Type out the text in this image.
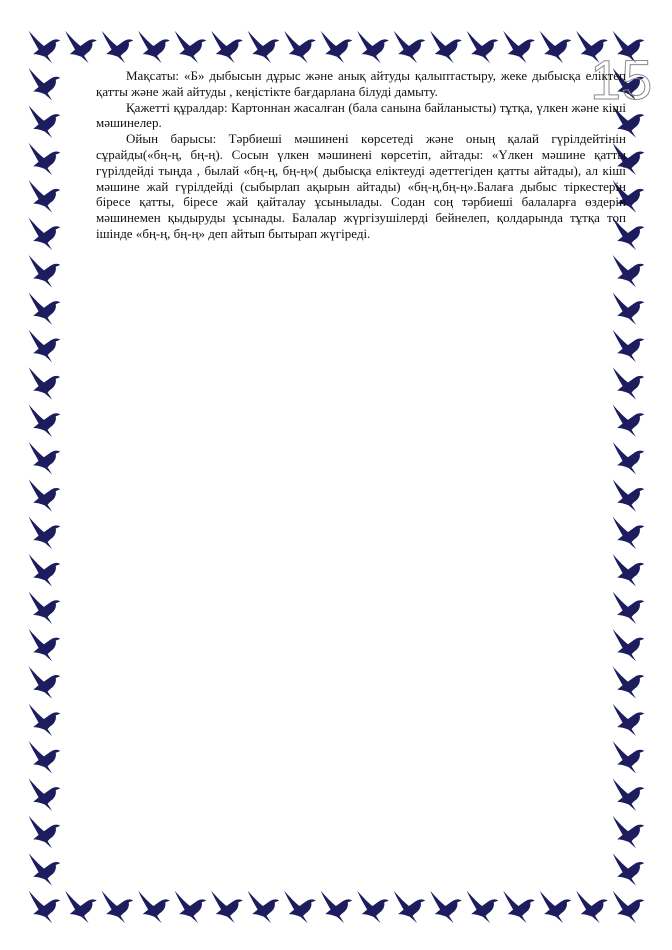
15

Мақсаты: «Б» дыбысын дұрыс және анық айтуды қалыптастыру, жеке дыбысқа еліктеп қатты және жай айтуды , кеңістікте бағдарлана білуді дамыту.

Қажетті құралдар: Картоннан жасалған (бала санына байланысты) тұтқа, үлкен және кіші мәшинелер.

Ойын барысы: Тәрбиеші мәшинені көрсетеді және оның қалай гүрілдейтінін сұрайды(«бң-ң, бң-ң). Сосын үлкен мәшинені көрсетіп, айтады: «Үлкен мәшине қатты гүрілдейді тыңда , былай «бң-ң, бң-ң»( дыбысқа еліктеуді әдеттегіден қатты айтады), ал кіші мәшине жай гүрілдейді (сыбырлап ақырын айтады) «бң-ң,бң-ң».Балаға дыбыс тіркестерін біресе қатты, біресе жай қайталау ұсынылады. Содан соң тәрбиеші балаларға өздерін мәшинемен қыдыруды ұсынады. Балалар жүргізушілерді бейнелеп, қолдарында тұтқа топ ішінде «бң-ң, бң-ң» деп айтып бытырап жүгіреді.
